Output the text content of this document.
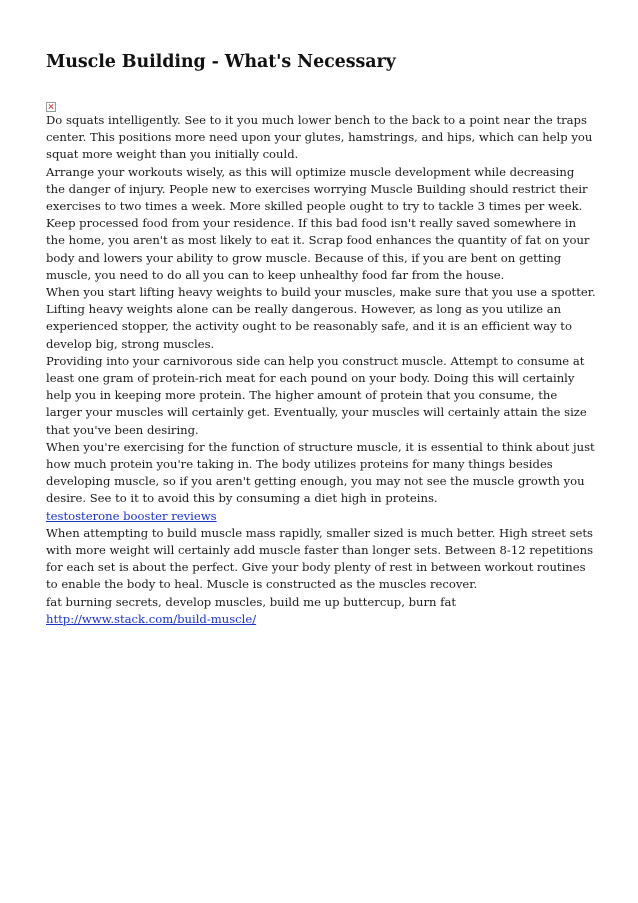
Muscle Building - What's Necessary

Do squats intelligently. See to it you much lower bench to the back to a point near the traps center. This positions more need upon your glutes, hamstrings, and hips, which can help you squat more weight than you initially could.

Arrange your workouts wisely, as this will optimize muscle development while decreasing the danger of injury. People new to exercises worrying Muscle Building should restrict their exercises to two times a week. More skilled people ought to try to tackle 3 times per week.

Keep processed food from your residence. If this bad food isn't really saved somewhere in the home, you aren't as most likely to eat it. Scrap food enhances the quantity of fat on your body and lowers your ability to grow muscle. Because of this, if you are bent on getting muscle, you need to do all you can to keep unhealthy food far from the house.

When you start lifting heavy weights to build your muscles, make sure that you use a spotter. Lifting heavy weights alone can be really dangerous. However, as long as you utilize an experienced stopper, the activity ought to be reasonably safe, and it is an efficient way to develop big, strong muscles.

Providing into your carnivorous side can help you construct muscle. Attempt to consume at least one gram of protein-rich meat for each pound on your body. Doing this will certainly help you in keeping more protein. The higher amount of protein that you consume, the larger your muscles will certainly get. Eventually, your muscles will certainly attain the size that you've been desiring.

When you're exercising for the function of structure muscle, it is essential to think about just how much protein you're taking in. The body utilizes proteins for many things besides developing muscle, so if you aren't getting enough, you may not see the muscle growth you desire. See to it to avoid this by consuming a diet high in proteins.

testosterone booster reviews

When attempting to build muscle mass rapidly, smaller sized is much better. High street sets with more weight will certainly add muscle faster than longer sets. Between 8-12 repetitions for each set is about the perfect. Give your body plenty of rest in between workout routines to enable the body to heal. Muscle is constructed as the muscles recover.

fat burning secrets, develop muscles, build me up buttercup, burn fat

http://www.stack.com/build-muscle/
